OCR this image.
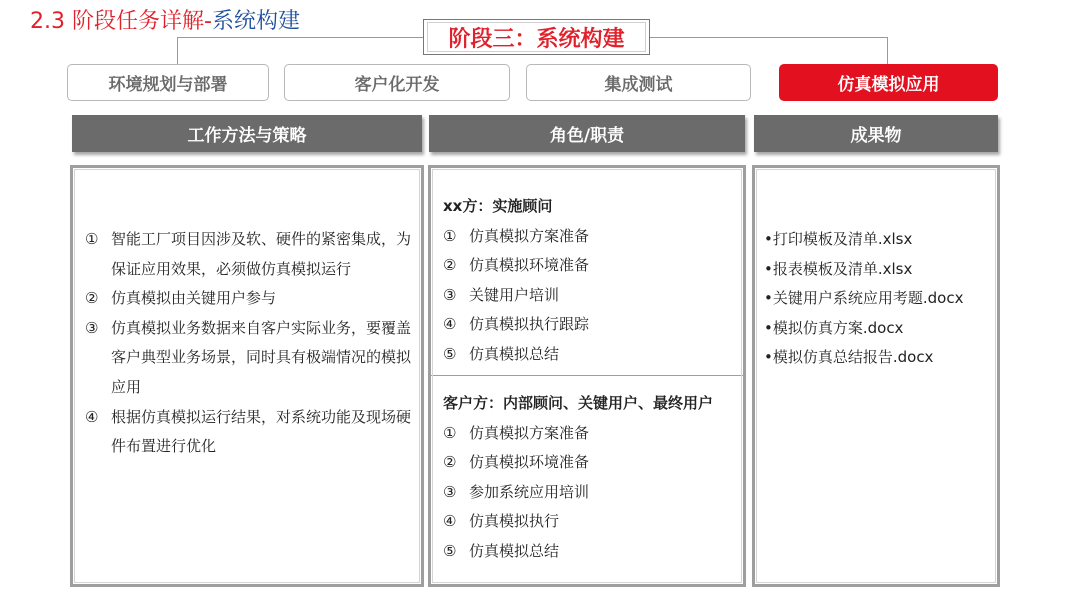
2.3 阶段任务详解-系统构建
阶段三：系统构建
环境规划与部署	客户化开发	集成测试	仿真模拟应用
工作方法与策略	角色/职责	成果物
① 智能工厂项目因涉及软、硬件的紧密集成，为保证应用效果，必须做仿真模拟运行
② 仿真模拟由关键用户参与
③ 仿真模拟业务数据来自客户实际业务，要覆盖客户典型业务场景，同时具有极端情况的模拟应用
④ 根据仿真模拟运行结果，对系统功能及现场硬件布置进行优化
xx方：实施顾问
① 仿真模拟方案准备
② 仿真模拟环境准备
③ 关键用户培训
④ 仿真模拟执行跟踪
⑤ 仿真模拟总结
客户方：内部顾问、关键用户、最终用户
① 仿真模拟方案准备
② 仿真模拟环境准备
③ 参加系统应用培训
④ 仿真模拟执行
⑤ 仿真模拟总结
•打印模板及清单.xlsx
•报表模板及清单.xlsx
•关键用户系统应用考题.docx
•模拟仿真方案.docx
•模拟仿真总结报告.docx
